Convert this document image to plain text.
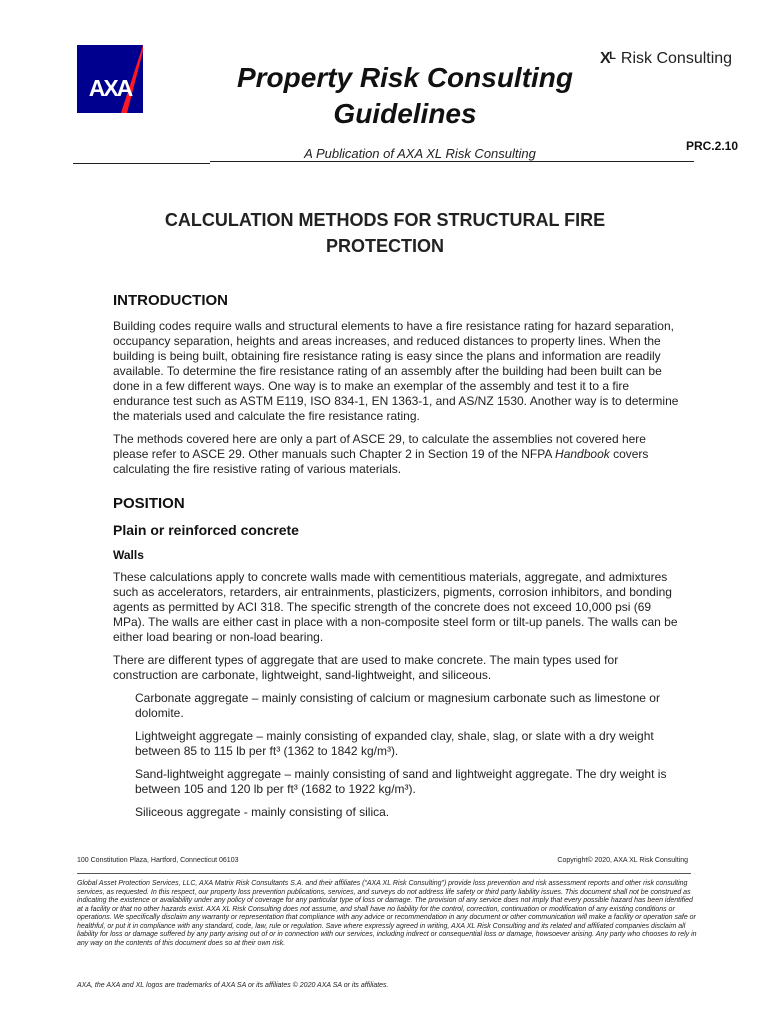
AXA	Property Risk Consulting
Guidelines
Xᴸ Risk Consulting
A Publication of AXA XL Risk Consulting	PRC.2.10
CALCULATION METHODS FOR STRUCTURAL FIRE
PROTECTION
INTRODUCTION

Building codes require walls and structural elements to have a fire resistance rating for hazard separation, occupancy separation, heights and areas increases, and reduced distances to property lines. When the building is being built, obtaining fire resistance rating is easy since the plans and information are readily available. To determine the fire resistance rating of an assembly after the building had been built can be done in a few different ways. One way is to make an exemplar of the assembly and test it to a fire endurance test such as ASTM E119, ISO 834-1, EN 1363-1, and AS/NZ 1530. Another way is to determine the materials used and calculate the fire resistance rating.

The methods covered here are only a part of ASCE 29, to calculate the assemblies not covered here please refer to ASCE 29. Other manuals such Chapter 2 in Section 19 of the NFPA Handbook covers calculating the fire resistive rating of various materials.

POSITION
Plain or reinforced concrete
Walls

These calculations apply to concrete walls made with cementitious materials, aggregate, and admixtures such as accelerators, retarders, air entrainments, plasticizers, pigments, corrosion inhibitors, and bonding agents as permitted by ACI 318. The specific strength of the concrete does not exceed 10,000 psi (69 MPa). The walls are either cast in place with a non-composite steel form or tilt-up panels. The walls can be either load bearing or non-load bearing.

There are different types of aggregate that are used to make concrete. The main types used for construction are carbonate, lightweight, sand-lightweight, and siliceous.

Carbonate aggregate – mainly consisting of calcium or magnesium carbonate such as limestone or dolomite.

Lightweight aggregate – mainly consisting of expanded clay, shale, slag, or slate with a dry weight between 85 to 115 lb per ft³ (1362 to 1842 kg/m³).

Sand-lightweight aggregate – mainly consisting of sand and lightweight aggregate. The dry weight is between 105 and 120 lb per ft³ (1682 to 1922 kg/m³).

Siliceous aggregate - mainly consisting of silica.

100 Constitution Plaza, Hartford, Connecticut 06103	Copyright© 2020, AXA XL Risk Consulting
Global Asset Protection Services, LLC, AXA Matrix Risk Consultants S.A. and their affiliates (“AXA XL Risk Consulting”) provide loss prevention and risk assessment reports and other risk consulting services, as requested. In this respect, our property loss prevention publications, services, and surveys do not address life safety or third party liability issues. This document shall not be construed as indicating the existence or availability under any policy of coverage for any particular type of loss or damage. The provision of any service does not imply that every possible hazard has been identified at a facility or that no other hazards exist. AXA XL Risk Consulting does not assume, and shall have no liability for the control, correction, continuation or modification of any existing conditions or operations. We specifically disclaim any warranty or representation that compliance with any advice or recommendation in any document or other communication will make a facility or operation safe or healthful, or put it in compliance with any standard, code, law, rule or regulation. Save where expressly agreed in writing, AXA XL Risk Consulting and its related and affiliated companies disclaim all liability for loss or damage suffered by any party arising out of or in connection with our services, including indirect or consequential loss or damage, howsoever arising. Any party who chooses to rely in any way on the contents of this document does so at their own risk.
AXA, the AXA and XL logos are trademarks of AXA SA or its affiliates © 2020 AXA SA or its affiliates.
